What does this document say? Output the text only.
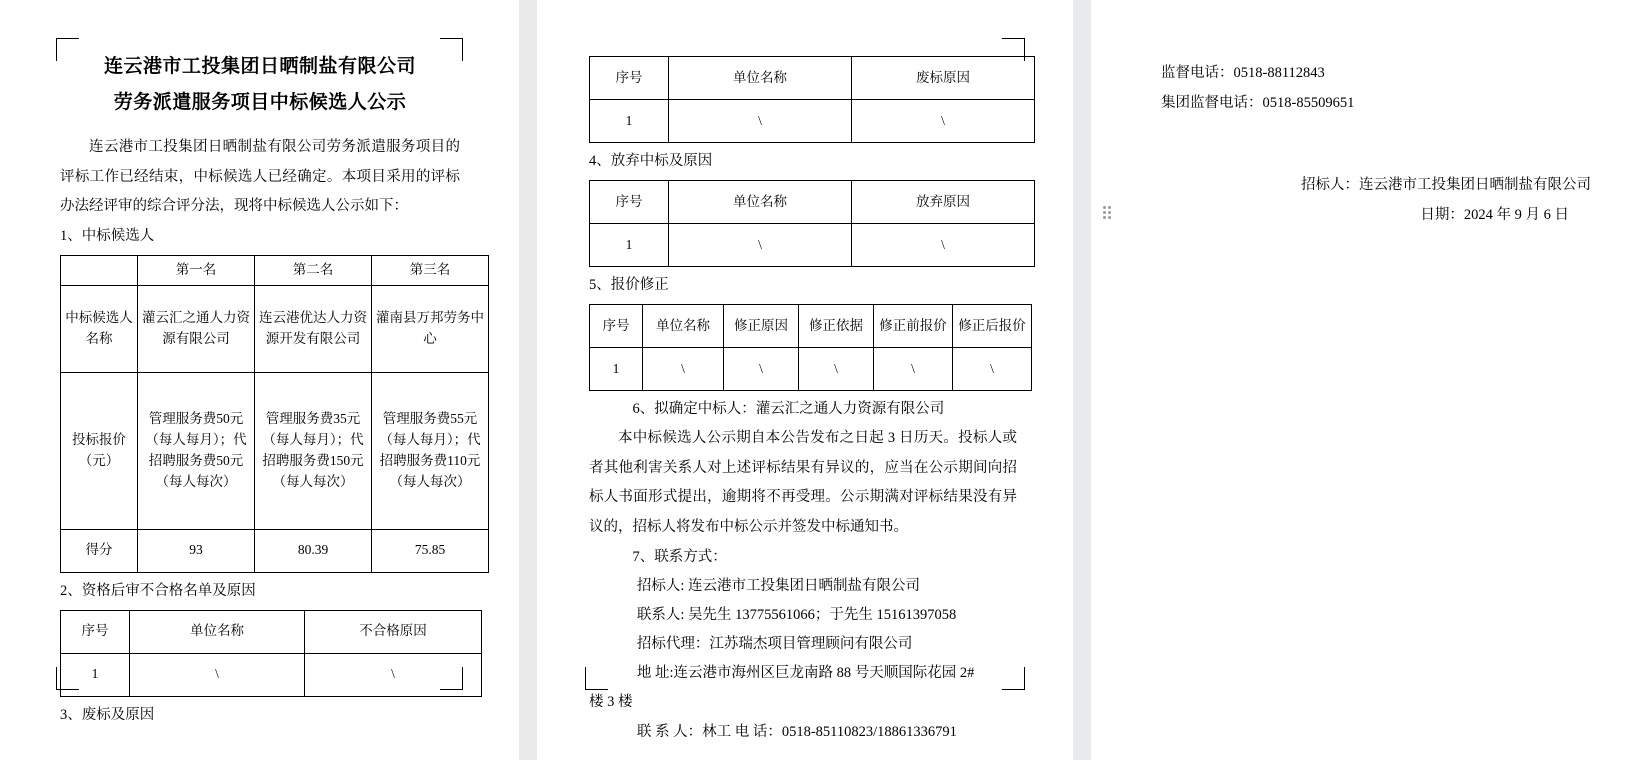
连云港市工投集团日晒制盐有限公司
劳务派遣服务项目中标候选人公示

连云港市工投集团日晒制盐有限公司劳务派遣服务项目的评标工作已经结束，中标候选人已经确定。本项目采用的评标办法经评审的综合评分法，现将中标候选人公示如下：

1、中标候选人

	第一名	第二名	第三名
中标候选人名称	灌云汇之通人力资源有限公司	连云港优达人力资源开发有限公司	灌南县万邦劳务中心
投标报价（元）	管理服务费50元（每人每月）；代招聘服务费50元（每人每次）	管理服务费35元（每人每月）；代招聘服务费150元（每人每次）	管理服务费55元（每人每月）；代招聘服务费110元（每人每次）
得分	93	80.39	75.85

2、资格后审不合格名单及原因

序号	单位名称	不合格原因
1	\	\

3、废标及原因

序号	单位名称	废标原因
1	\	\

4、放弃中标及原因

序号	单位名称	放弃原因
1	\	\

5、报价修正

序号	单位名称	修正原因	修正依据	修正前报价	修正后报价
1	\	\	\	\	\

6、拟确定中标人：灌云汇之通人力资源有限公司

本中标候选人公示期自本公告发布之日起 3 日历天。投标人或者其他利害关系人对上述评标结果有异议的，应当在公示期间向招标人书面形式提出，逾期将不再受理。公示期满对评标结果没有异议的，招标人将发布中标公示并签发中标通知书。

7、联系方式：

招标人: 连云港市工投集团日晒制盐有限公司

联系人: 吴先生 13775561066；于先生 15161397058

招标代理：江苏瑞杰项目管理顾问有限公司

地 址:连云港市海州区巨龙南路 88 号天顺国际花园 2#

楼 3 楼

联 系 人：林工 电 话：0518-85110823/18861336791

监督电话：0518-88112843

集团监督电话：0518-85509651

招标人：连云港市工投集团日晒制盐有限公司

日期：2024 年 9 月 6 日
